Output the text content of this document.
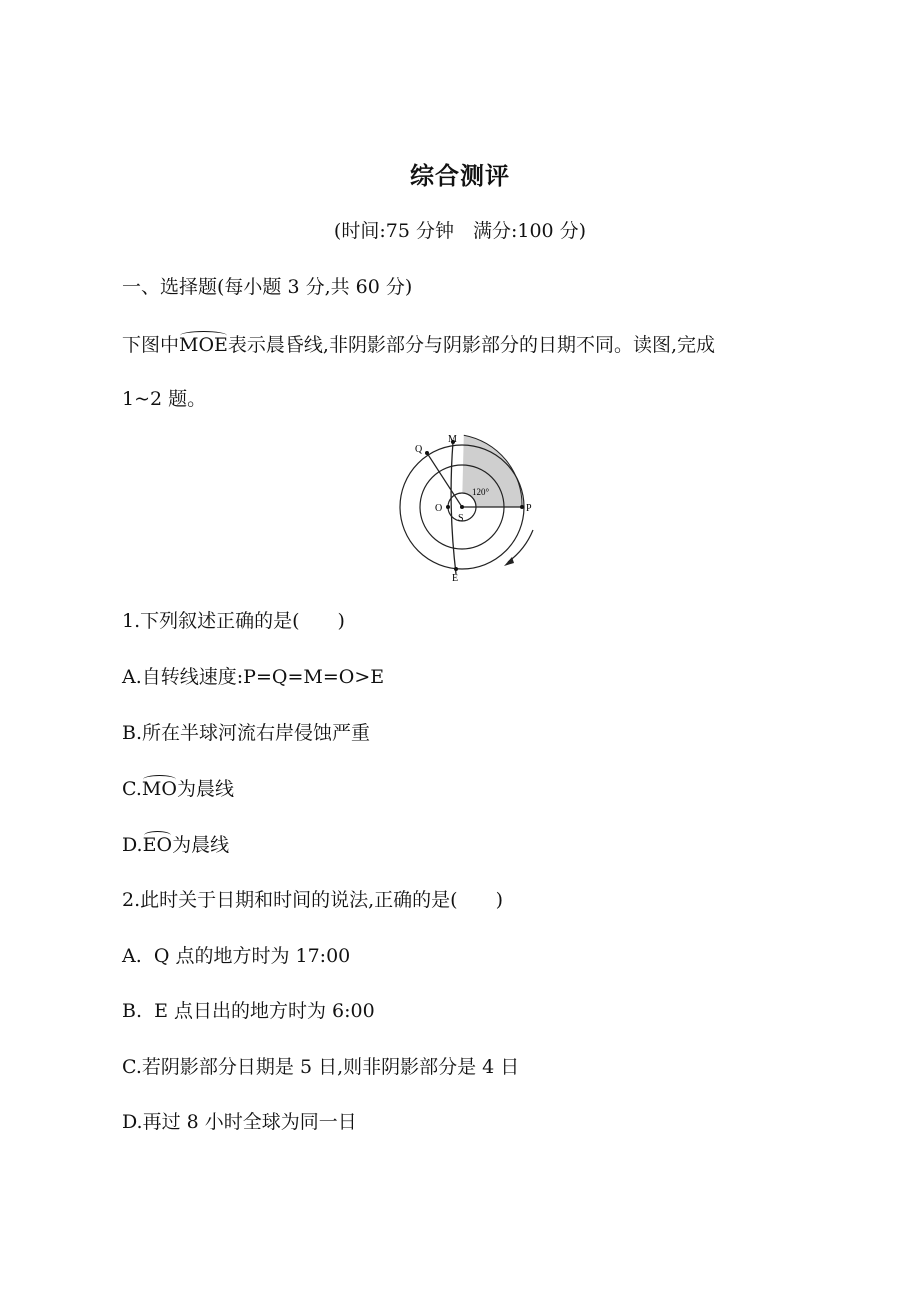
综合测评
(时间:75 分钟　满分:100 分)
一、选择题(每小题 3 分,共 60 分)
下图中MOE表示晨昏线,非阴影部分与阴影部分的日期不同。读图,完成
1~2 题。
Q
M
O
S
P
E
120°
1.下列叙述正确的是(　　)
A.自转线速度:P=Q=M=O>E
B.所在半球河流右岸侵蚀严重
C.MO为晨线
D.EO为晨线
2.此时关于日期和时间的说法,正确的是(　　)
A.  Q 点的地方时为 17:00
B.  E 点日出的地方时为 6:00
C.若阴影部分日期是 5 日,则非阴影部分是 4 日
D.再过 8 小时全球为同一日
